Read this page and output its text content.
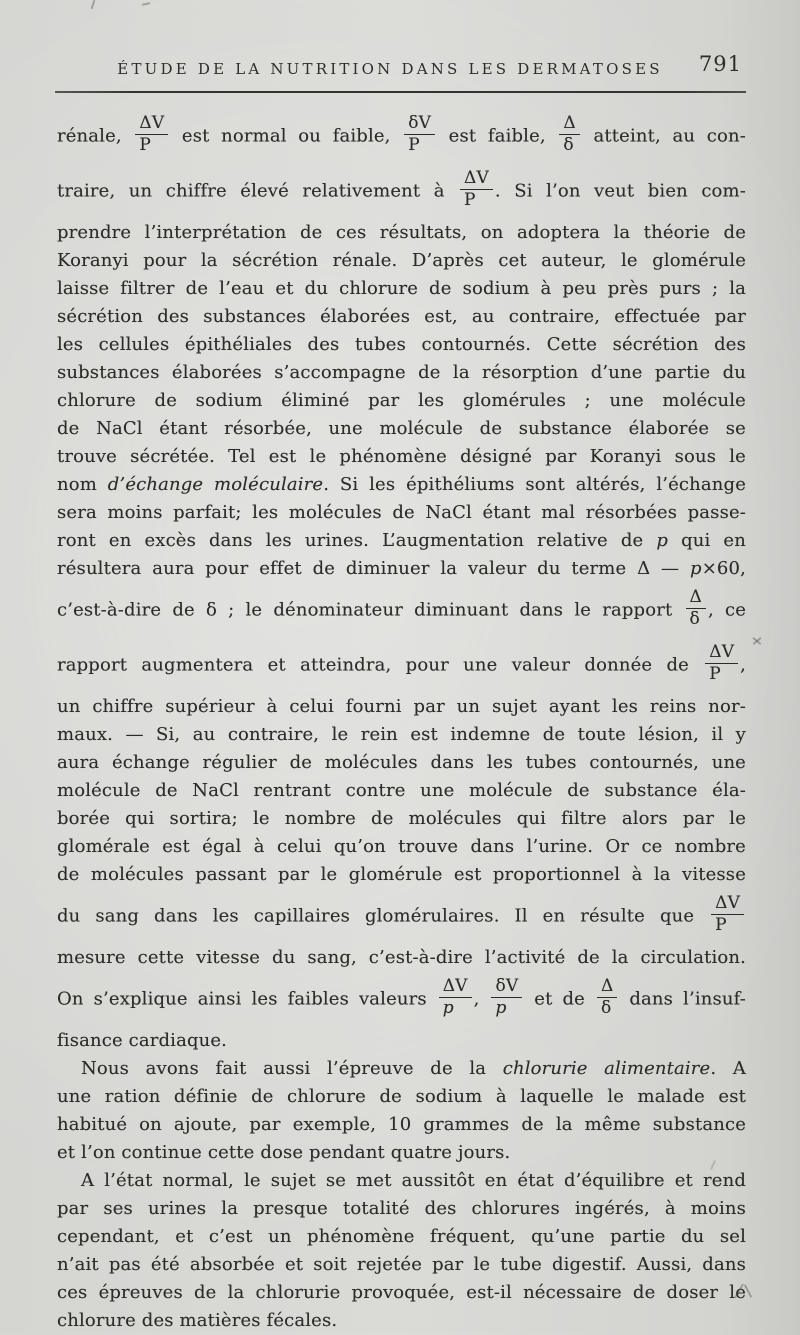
ÉTUDE DE LA NUTRITION DANS LES DERMATOSES 791
rénale, $\frac{\Delta V}{P}$ est normal ou faible, $\frac{\delta V}{P}$ est faible, $\frac{\Delta}{\delta}$ atteint, au con-
traire, un chiffre élevé relativement à $\frac{\Delta V}{P}$ . Si l’on veut bien com-
prendre l’interprétation de ces résultats, on adoptera la théorie de
Koranyi pour la sécrétion rénale. D’après cet auteur, le glomérule
laisse filtrer de l’eau et du chlorure de sodium à peu près purs ; la
sécrétion des substances élaborées est, au contraire, effectuée par
les cellules épithéliales des tubes contournés. Cette sécrétion des
substances élaborées s’accompagne de la résorption d’une partie du
chlorure de sodium éliminé par les glomérules ; une molécule
de NaCl étant résorbée, une molécule de substance élaborée se
trouve sécrétée. Tel est le phénomène désigné par Koranyi sous le
nom d’échange moléculaire. Si les épithéliums sont altérés, l’échange
sera moins parfait; les molécules de NaCl étant mal résorbées passe-
ront en excès dans les urines. L’augmentation relative de p qui en
résultera aura pour effet de diminuer la valeur du terme Δ — p×60,
c’est-à-dire de δ ; le dénominateur diminuant dans le rapport $\frac{\Delta}{\delta}$ , ce
rapport augmentera et atteindra, pour une valeur donnée de $\frac{\Delta V}{P}$ ,
un chiffre supérieur à celui fourni par un sujet ayant les reins nor-
maux. — Si, au contraire, le rein est indemne de toute lésion, il y
aura échange régulier de molécules dans les tubes contournés, une
molécule de NaCl rentrant contre une molécule de substance éla-
borée qui sortira; le nombre de molécules qui filtre alors par le
glomérale est égal à celui qu’on trouve dans l’urine. Or ce nombre
de molécules passant par le glomérule est proportionnel à la vitesse
du sang dans les capillaires glomérulaires. Il en résulte que $\frac{\Delta V}{P}$
mesure cette vitesse du sang, c’est-à-dire l’activité de la circulation.
On s’explique ainsi les faibles valeurs $\frac{\Delta V}{p}$ , $\frac{\delta V}{p}$ et de $\frac{\Delta}{\delta}$ dans l’insuf-
fisance cardiaque.
Nous avons fait aussi l’épreuve de la chlorurie alimentaire. A
une ration définie de chlorure de sodium à laquelle le malade est
habitué on ajoute, par exemple, 10 grammes de la même substance
et l’on continue cette dose pendant quatre jours.
A l’état normal, le sujet se met aussitôt en état d’équilibre et rend
par ses urines la presque totalité des chlorures ingérés, à moins
cependant, et c’est un phénomène fréquent, qu’une partie du sel
n’ait pas été absorbée et soit rejetée par le tube digestif. Aussi, dans
ces épreuves de la chlorurie provoquée, est-il nécessaire de doser le
chlorure des matières fécales.
